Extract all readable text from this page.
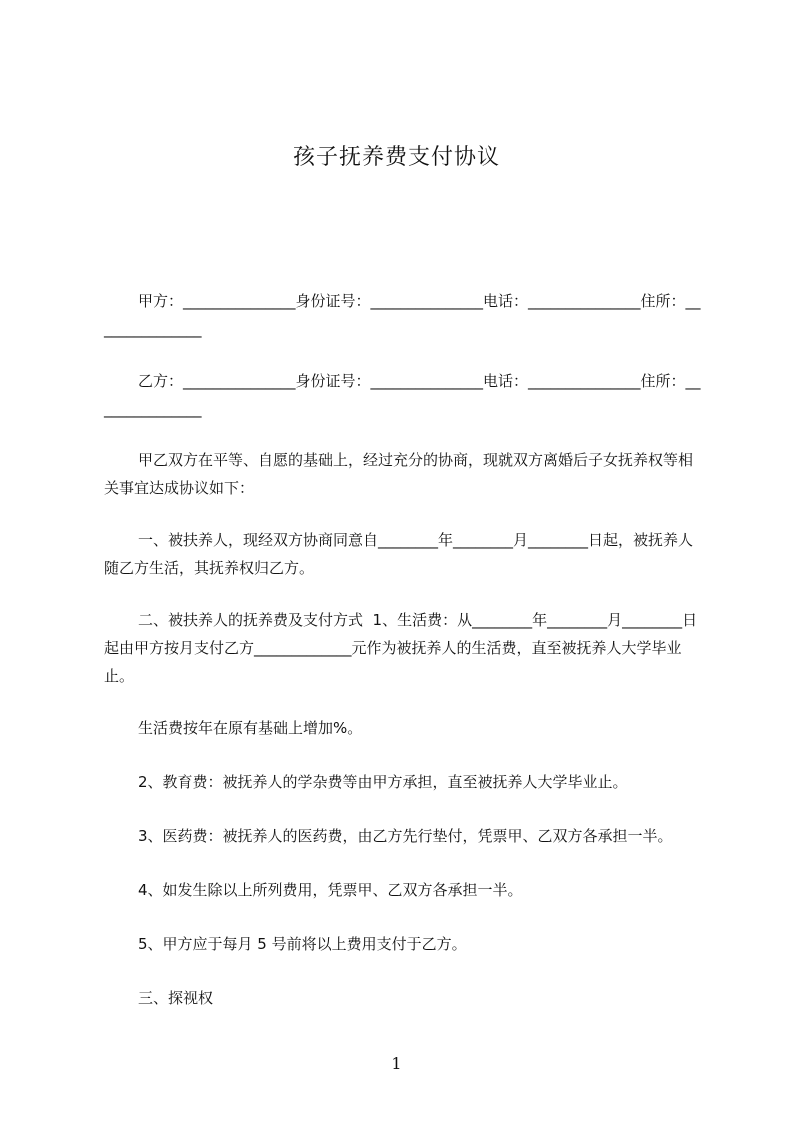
孩子抚养费支付协议

甲方：_______________身份证号：_______________电话：_______________住所：_______________

乙方：_______________身份证号：_______________电话：_______________住所：_______________

甲乙双方在平等、自愿的基础上，经过充分的协商，现就双方离婚后子女抚养权等相关事宜达成协议如下：

一、被扶养人，现经双方协商同意自________年________月________日起，被抚养人随乙方生活，其抚养权归乙方。

二、被扶养人的抚养费及支付方式  1、生活费：从________年________月________日起由甲方按月支付乙方_____________元作为被抚养人的生活费，直至被抚养人大学毕业止。

生活费按年在原有基础上增加%。

2、教育费：被抚养人的学杂费等由甲方承担，直至被抚养人大学毕业止。

3、医药费：被抚养人的医药费，由乙方先行垫付，凭票甲、乙双方各承担一半。

4、如发生除以上所列费用，凭票甲、乙双方各承担一半。

5、甲方应于每月 5 号前将以上费用支付于乙方。

三、探视权

1
